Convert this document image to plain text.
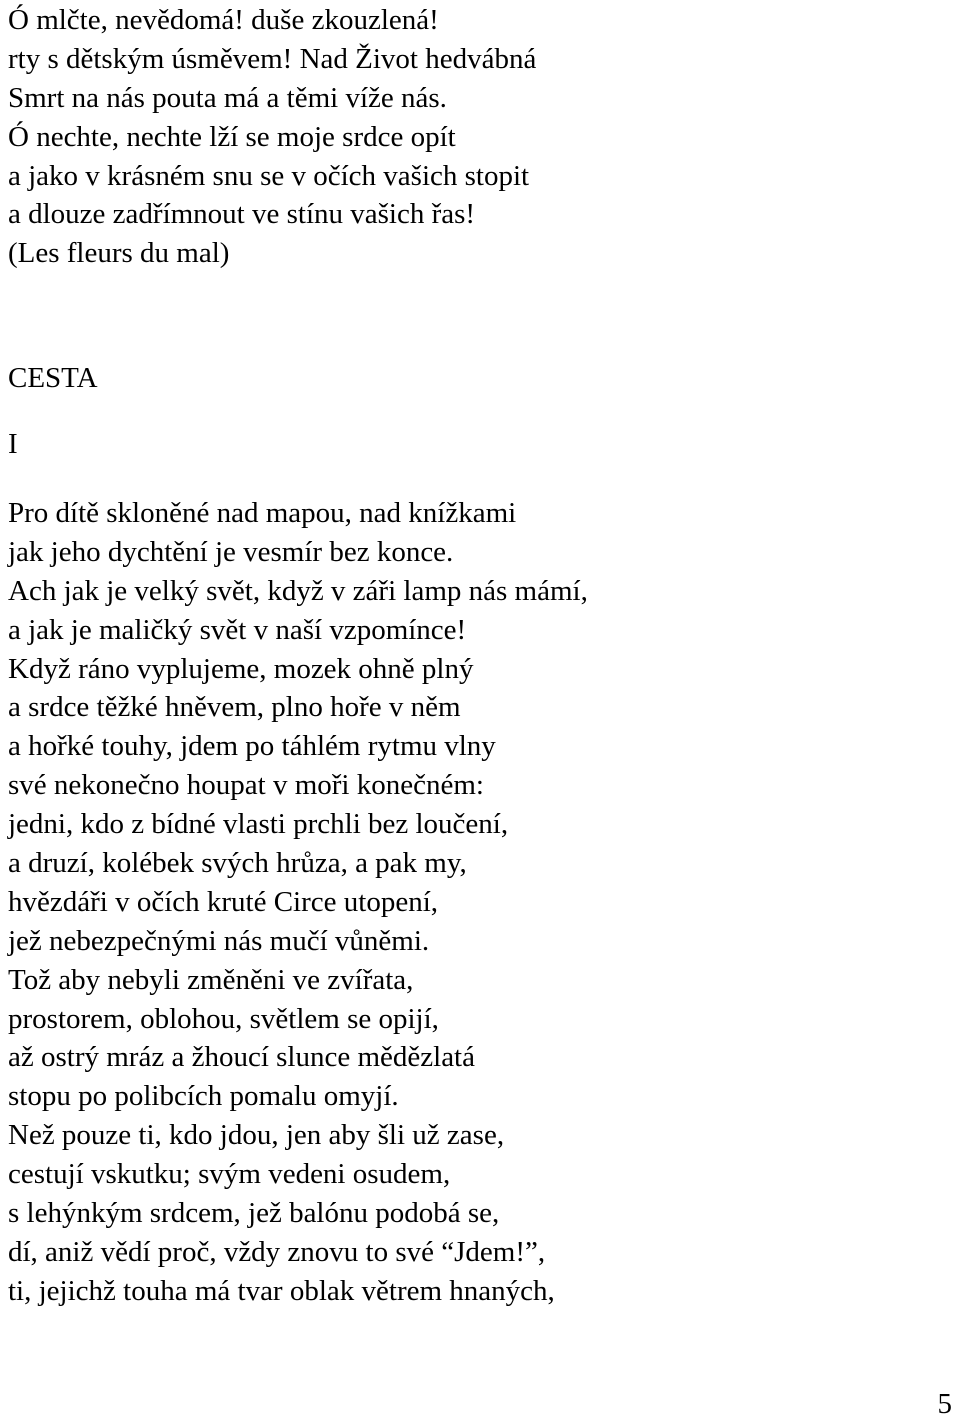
Ó mlčte, nevědomá! duše zkouzlená!
rty s dětským úsměvem! Nad Život hedvábná
Smrt na nás pouta má a těmi víže nás.
Ó nechte, nechte lží se moje srdce opít
a jako v krásném snu se v očích vašich stopit
a dlouze zadřímnout ve stínu vašich řas!
(Les fleurs du mal)
CESTA
I
Pro dítě skloněné nad mapou, nad knížkami
jak jeho dychtění je vesmír bez konce.
Ach jak je velký svět, když v záři lamp nás mámí,
a jak je maličký svět v naší vzpomínce!
Když ráno vyplujeme, mozek ohně plný
a srdce těžké hněvem, plno hoře v něm
a hořké touhy, jdem po táhlém rytmu vlny
své nekonečno houpat v moři konečném:
jedni, kdo z bídné vlasti prchli bez loučení,
a druzí, kolébek svých hrůza, a pak my,
hvězdáři v očích kruté Circe utopení,
jež nebezpečnými nás mučí vůněmi.
Tož aby nebyli změněni ve zvířata,
prostorem, oblohou, světlem se opijí,
až ostrý mráz a žhoucí slunce mědězlatá
stopu po polibcích pomalu omyjí.
Než pouze ti, kdo jdou, jen aby šli už zase,
cestují vskutku; svým vedeni osudem,
s lehýnkým srdcem, jež balónu podobá se,
dí, aniž vědí proč, vždy znovu to své “Jdem!”,
ti, jejichž touha má tvar oblak větrem hnaných,
5
